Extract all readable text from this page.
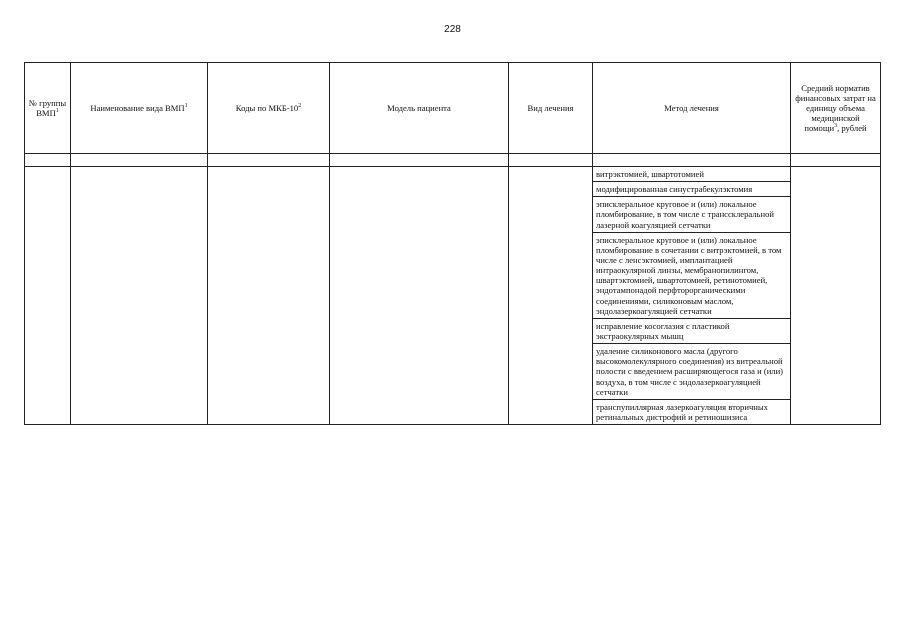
228
№ группы ВМП$^1$	Наименование вида ВМП$^1$	Коды по МКБ-$10^2$	Модель пациента	Вид лечения	Метод лечения	Средний норматив финансовых затрат на единицу объема медицинской помощи$^3$, рублей

					витрэктомией, швартотомией	
					модифицированная синустрабекулэктомия	
					эписклеральное круговое и (или) локальное пломбирование, в том числе с транссклеральной лазерной коагуляцией сетчатки	
					эписклеральное круговое и (или) локальное пломбирование в сочетании с витрэктомией, в том числе с ленсэктомией, имплантацией интраокулярной линзы, мембранопилингом, швартэктомией, швартотомией, ретинотомией, эндотампонадой перфторорганическими соединениями, силиконовым маслом, эндолазеркоагуляцией сетчатки	
					исправление косоглазия с пластикой экстраокулярных мышц	
					удаление силиконового масла (другого высокомолекулярного соединения) из витреальной полости с введением расширяющегося газа и (или) воздуха, в том числе с эндолазеркоагуляцией сетчатки	
					транспупиллярная лазеркоагуляция вторичных ретинальных дистрофий и ретиношизиса	
